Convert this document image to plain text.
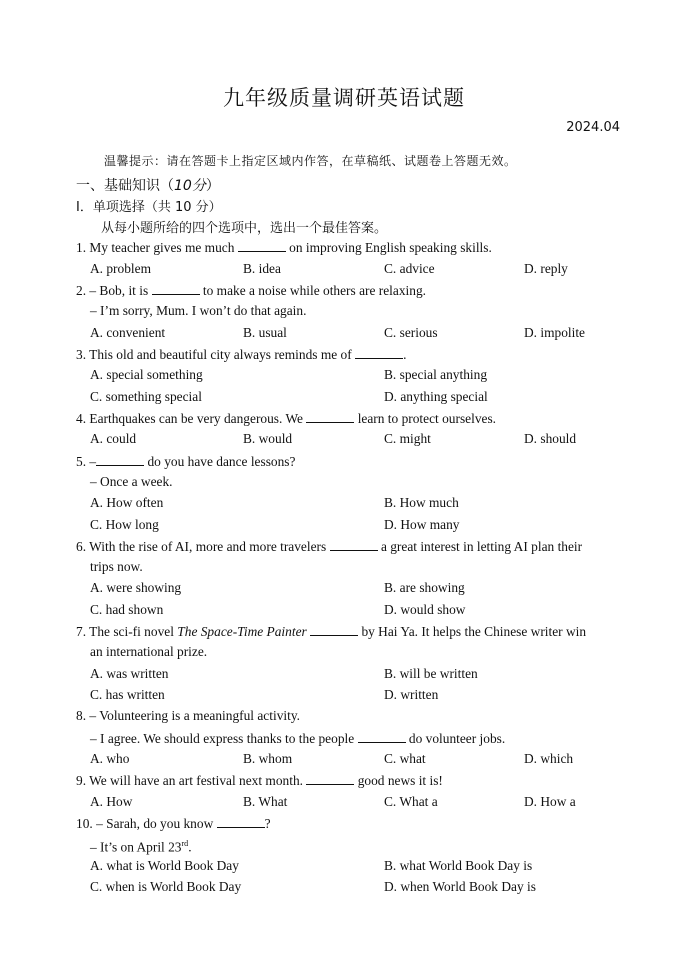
九年级质量调研英语试题
2024.04
温馨提示：请在答题卡上指定区域内作答，在草稿纸、试题卷上答题无效。
一、基础知识（10分）
Ⅰ．单项选择（共 10 分）
从每小题所给的四个选项中，选出一个最佳答案。
1. My teacher gives me much	on improving English speaking skills.
A. problem	B. idea	C. advice	D. reply
2. – Bob, it is	to make a noise while others are relaxing.
– I’m sorry, Mum. I won’t do that again.
A. convenient	B. usual	C. serious	D. impolite
3. This old and beautiful city always reminds me of	.
A. special something	B. special anything
C. something special	D. anything special
4. Earthquakes can be very dangerous. We	learn to protect ourselves.
A. could	B. would	C. might	D. should
5. –	do you have dance lessons?
– Once a week.
A. How often	B. How much
C. How long	D. How many
6. With the rise of AI, more and more travelers	a great interest in letting AI plan their
trips now.
A. were showing	B. are showing
C. had shown	D. would show
7. The sci-fi novel The Space-Time Painter	by Hai Ya. It helps the Chinese writer win
an international prize.
A. was written	B. will be written
C. has written	D. written
8. – Volunteering is a meaningful activity.
– I agree. We should express thanks to the people	do volunteer jobs.
A. who	B. whom	C. what	D. which
9. We will have an art festival next month.	good news it is!
A. How	B. What	C. What a	D. How a
10. – Sarah, do you know	?
– It’s on April 23rd.
A. what is World Book Day	B. what World Book Day is
C. when is World Book Day	D. when World Book Day is
